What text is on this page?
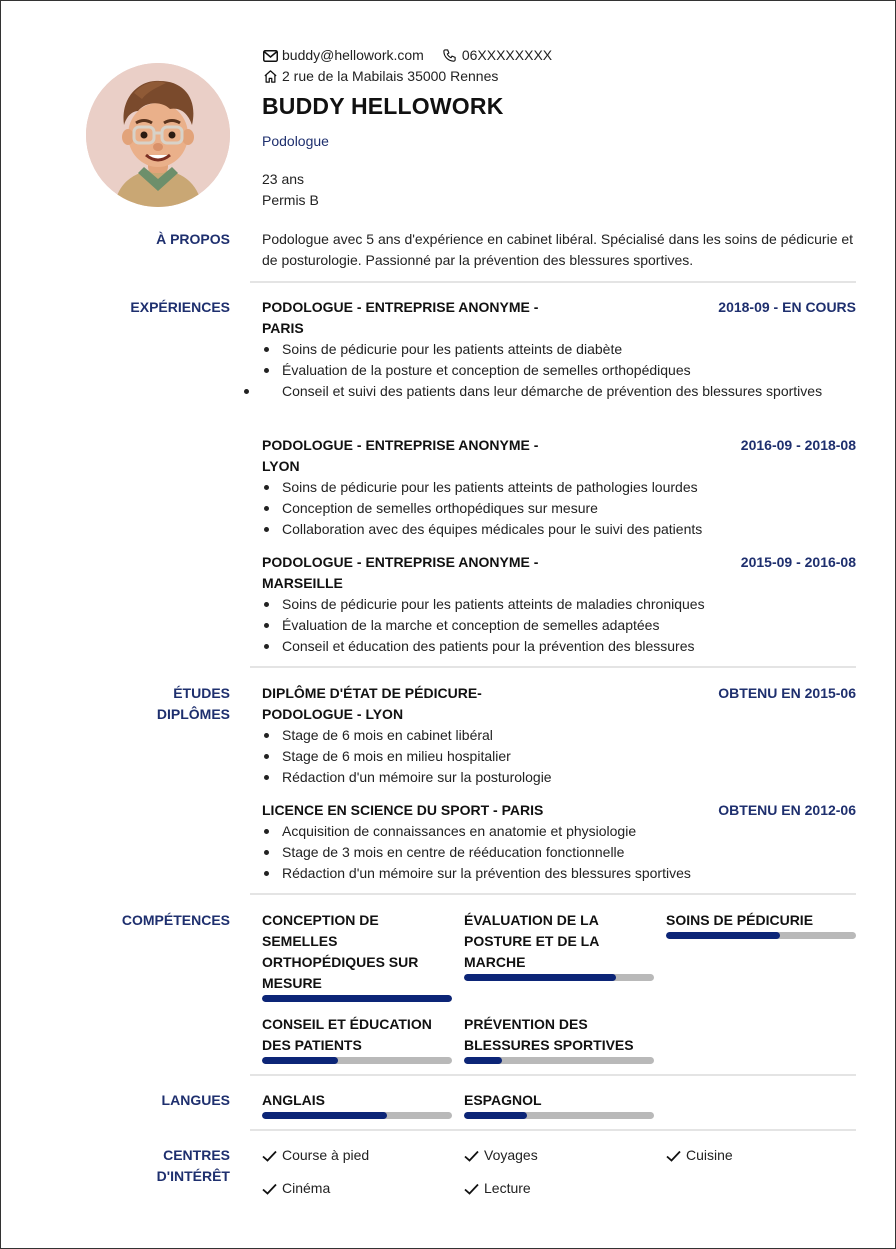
buddy@hellowork.com	06XXXXXXXX
2 rue de la Mabilais 35000 Rennes
BUDDY HELLOWORK
Podologue
23 ans
Permis B
À PROPOS Podologue avec 5 ans d'expérience en cabinet libéral. Spécialisé dans les soins de pédicurie et de posturologie. Passionné par la prévention des blessures sportives.
EXPÉRIENCES PODOLOGUE - ENTREPRISE ANONYME - PARIS
2018-09 - EN COURS
Soins de pédicurie pour les patients atteints de diabète
Évaluation de la posture et conception de semelles orthopédiques
Conseil et suivi des patients dans leur démarche de prévention des blessures sportives
PODOLOGUE - ENTREPRISE ANONYME - LYON
2016-09 - 2018-08
Soins de pédicurie pour les patients atteints de pathologies lourdes
Conception de semelles orthopédiques sur mesure
Collaboration avec des équipes médicales pour le suivi des patients
PODOLOGUE - ENTREPRISE ANONYME - MARSEILLE
2015-09 - 2016-08
Soins de pédicurie pour les patients atteints de maladies chroniques
Évaluation de la marche et conception de semelles adaptées
Conseil et éducation des patients pour la prévention des blessures
ÉTUDES
DIPLÔMES
DIPLÔME D'ÉTAT DE PÉDICURE-PODOLOGUE - LYON
OBTENU EN 2015-06
Stage de 6 mois en cabinet libéral
Stage de 6 mois en milieu hospitalier
Rédaction d'un mémoire sur la posturologie
LICENCE EN SCIENCE DU SPORT - PARIS	OBTENU EN 2012-06
Acquisition de connaissances en anatomie et physiologie
Stage de 3 mois en centre de rééducation fonctionnelle
Rédaction d'un mémoire sur la prévention des blessures sportives
COMPÉTENCES CONCEPTION DE SEMELLES ORTHOPÉDIQUES SUR MESURE
ÉVALUATION DE LA POSTURE ET DE LA MARCHE
SOINS DE PÉDICURIE
CONSEIL ET ÉDUCATION DES PATIENTS
PRÉVENTION DES BLESSURES SPORTIVES
LANGUES ANGLAIS	ESPAGNOL
CENTRES
D'INTÉRÊT
Course à pied	Voyages	Cuisine
Cinéma	Lecture
